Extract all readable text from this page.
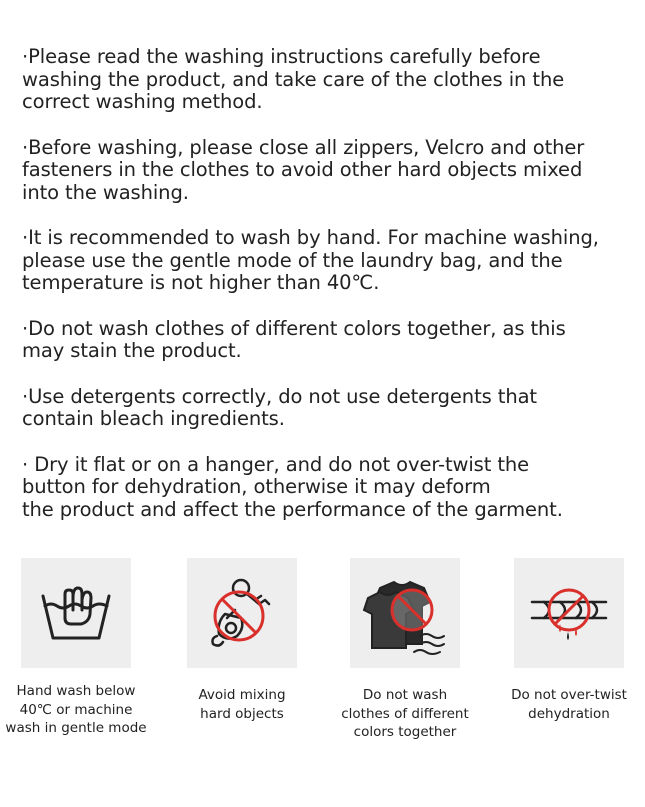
·Please read the washing instructions carefully before
washing the product, and take care of the clothes in the
correct washing method.

·Before washing, please close all zippers, Velcro and other
fasteners in the clothes to avoid other hard objects mixed
into the washing.

·It is recommended to wash by hand. For machine washing,
please use the gentle mode of the laundry bag, and the
temperature is not higher than 40℃.

·Do not wash clothes of different colors together, as this
may stain the product.

·Use detergents correctly, do not use detergents that
contain bleach ingredients.

· Dry it flat or on a hanger, and do not over-twist the
button for dehydration, otherwise it may deform
the product and affect the performance of the garment.

Hand wash below
40℃ or machine
wash in gentle mode
Avoid mixing
hard objects
Do not wash
clothes of different
colors together
Do not over-twist
dehydration
